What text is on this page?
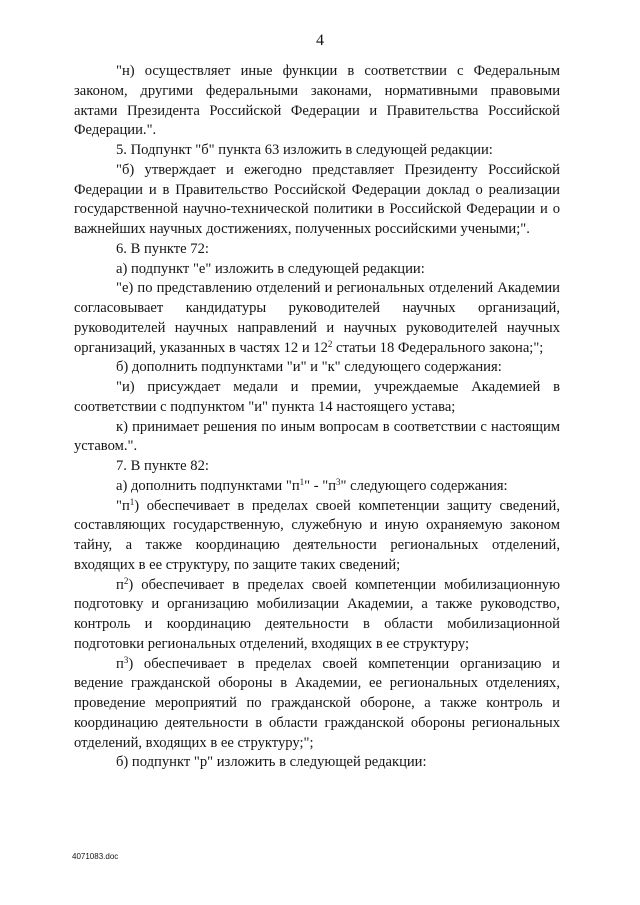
4

"н) осуществляет иные функции в соответствии с Федеральным законом, другими федеральными законами, нормативными правовыми актами Президента Российской Федерации и Правительства Российской Федерации.".

5. Подпункт "б" пункта 63 изложить в следующей редакции:

"б) утверждает и ежегодно представляет Президенту Российской Федерации и в Правительство Российской Федерации доклад о реализации государственной научно-технической политики в Российской Федерации и о важнейших научных достижениях, полученных российскими учеными;".

6. В пункте 72:

а) подпункт "е" изложить в следующей редакции:

"е) по представлению отделений и региональных отделений Академии согласовывает кандидатуры руководителей научных организаций, руководителей научных направлений и научных руководителей научных организаций, указанных в частях 12 и $12^2$ статьи 18 Федерального закона;";

б) дополнить подпунктами "и" и "к" следующего содержания:

"и) присуждает медали и премии, учреждаемые Академией в соответствии с подпунктом "и" пункта 14 настоящего устава;

к) принимает решения по иным вопросам в соответствии с настоящим уставом.".

7. В пункте 82:

а) дополнить подпунктами "$п^1$" - "$п^3$" следующего содержания:

"$п^1$) обеспечивает в пределах своей компетенции защиту сведений, составляющих государственную, служебную и иную охраняемую законом тайну, а также координацию деятельности региональных отделений, входящих в ее структуру, по защите таких сведений;

$п^2$) обеспечивает в пределах своей компетенции мобилизационную подготовку и организацию мобилизации Академии, а также руководство, контроль и координацию деятельности в области мобилизационной подготовки региональных отделений, входящих в ее структуру;

$п^3$) обеспечивает в пределах своей компетенции организацию и ведение гражданской обороны в Академии, ее региональных отделениях, проведение мероприятий по гражданской обороне, а также контроль и координацию деятельности в области гражданской обороны региональных отделений, входящих в ее структуру;";

б) подпункт "р" изложить в следующей редакции:

4071083.doc
